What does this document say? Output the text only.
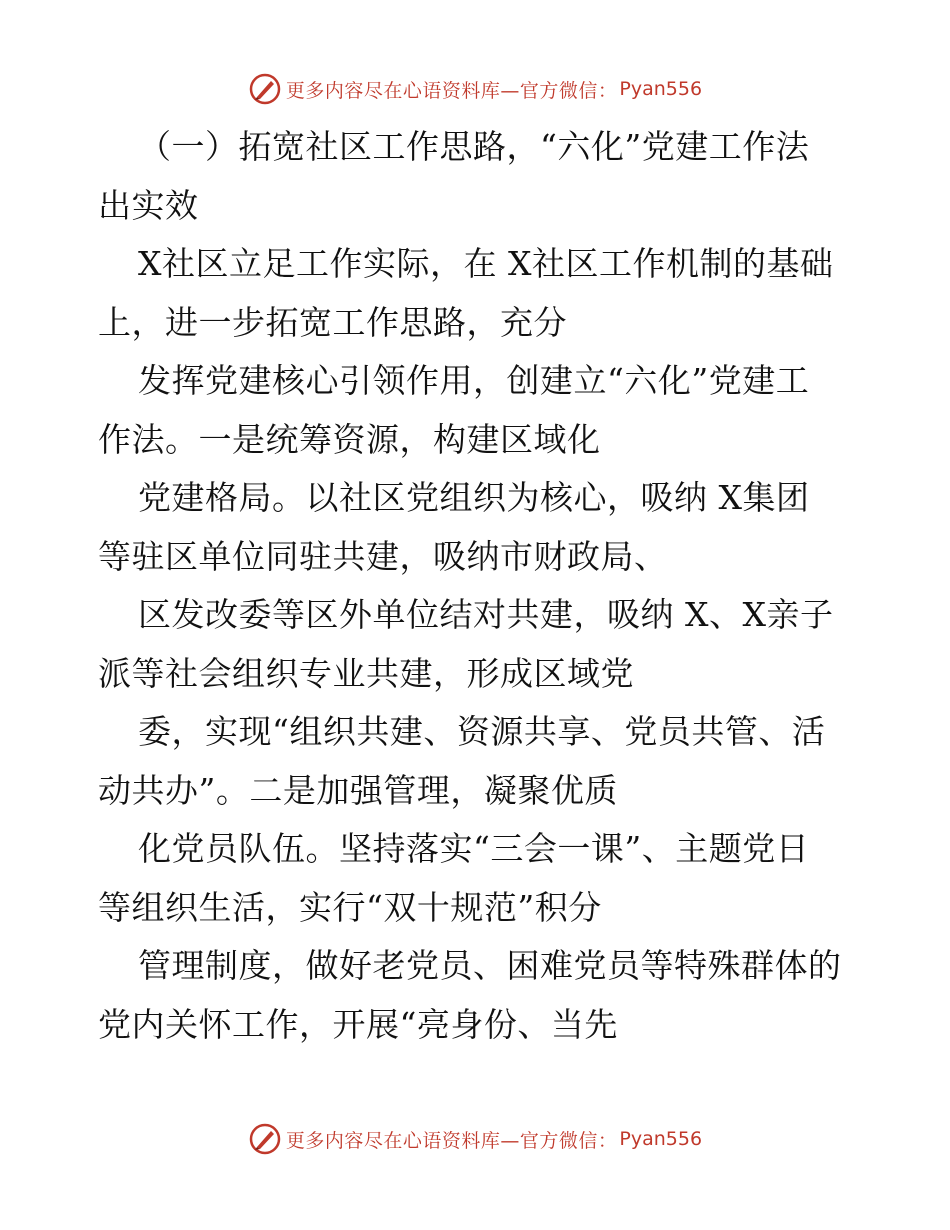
更多内容尽在心语资料库—官方微信： Pyan556

（一）拓宽社区工作思路，“六化”党建工作法

出实效

X社区立足工作实际，在 X社区工作机制的基础

上，进一步拓宽工作思路，充分

发挥党建核心引领作用，创建立“六化”党建工

作法。一是统筹资源，构建区域化

党建格局。以社区党组织为核心，吸纳 X集团

等驻区单位同驻共建，吸纳市财政局、

区发改委等区外单位结对共建，吸纳 X、X亲子

派等社会组织专业共建，形成区域党

委，实现“组织共建、资源共享、党员共管、活

动共办”。二是加强管理，凝聚优质

化党员队伍。坚持落实“三会一课”、主题党日

等组织生活，实行“双十规范”积分

管理制度，做好老党员、困难党员等特殊群体的

党内关怀工作，开展“亮身份、当先

更多内容尽在心语资料库—官方微信： Pyan556
